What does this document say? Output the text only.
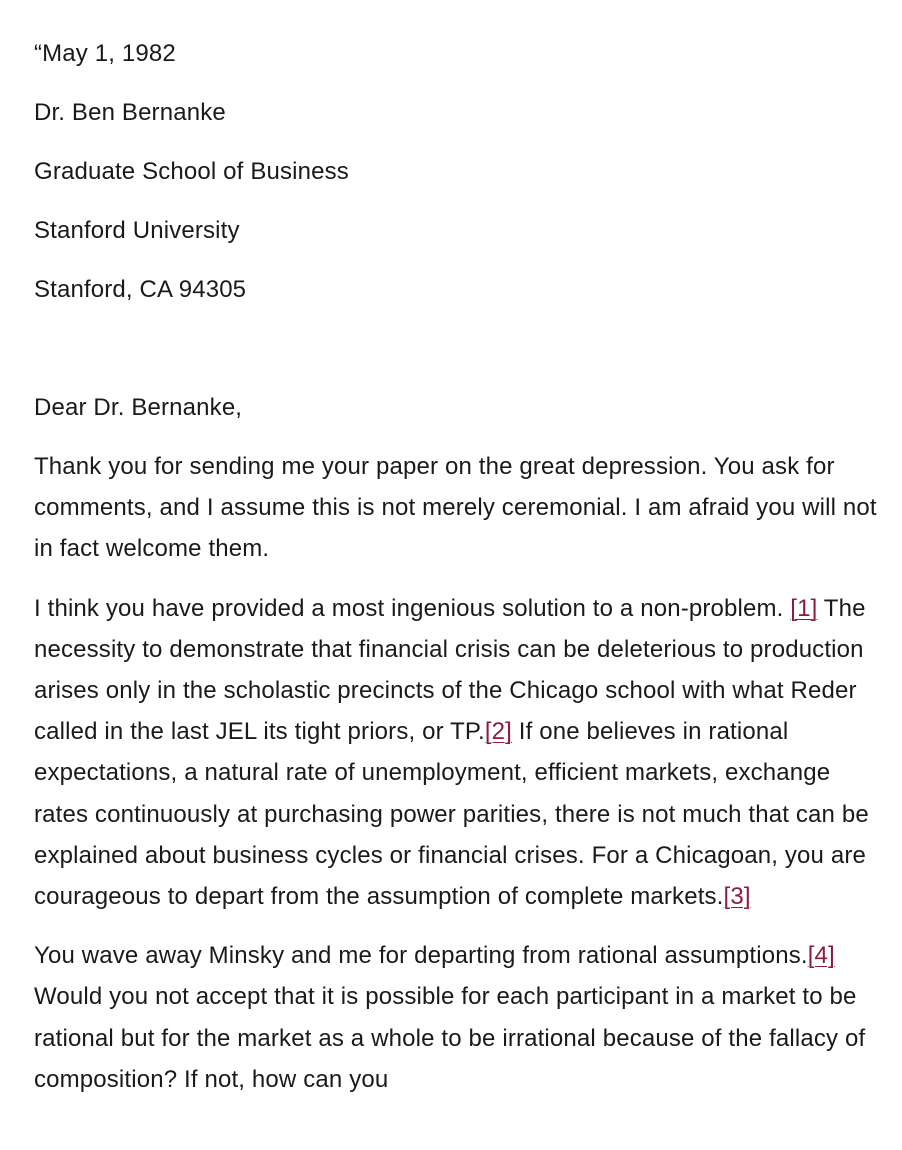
“May 1, 1982

Dr. Ben Bernanke

Graduate School of Business

Stanford University

Stanford, CA 94305

Dear Dr. Bernanke,

Thank you for sending me your paper on the great depression. You ask for comments, and I assume this is not merely ceremonial. I am afraid you will not in fact welcome them.

I think you have provided a most ingenious solution to a non-problem. [1] The necessity to demonstrate that financial crisis can be deleterious to production arises only in the scholastic precincts of the Chicago school with what Reder called in the last JEL its tight priors, or TP.[2] If one believes in rational expectations, a natural rate of unemployment, efficient markets, exchange rates continuously at purchasing power parities, there is not much that can be explained about business cycles or financial crises. For a Chicagoan, you are courageous to depart from the assumption of complete markets.[3]

You wave away Minsky and me for departing from rational assumptions.[4] Would you not accept that it is possible for each participant in a market to be rational but for the market as a whole to be irrational because of the fallacy of composition? If not, how can you
